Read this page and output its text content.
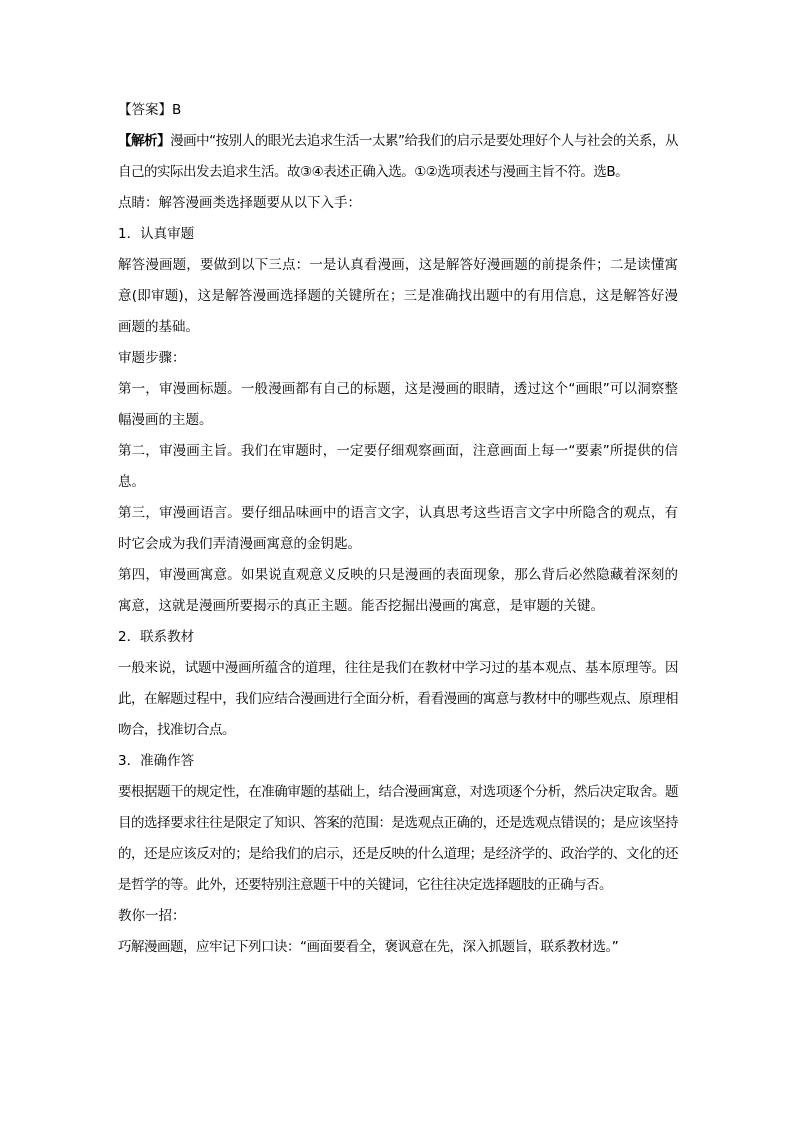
【答案】B
【解析】漫画中“按别人的眼光去追求生活一太累”给我们的启示是要处理好个人与社会的关系，从自己的实际出发去追求生活。故③④表述正确入选。①②选项表述与漫画主旨不符。选B。
点睛：解答漫画类选择题要从以下入手：
1．认真审题
解答漫画题，要做到以下三点：一是认真看漫画，这是解答好漫画题的前提条件；二是读懂寓意(即审题)，这是解答漫画选择题的关键所在；三是准确找出题中的有用信息，这是解答好漫画题的基础。
审题步骤：
第一，审漫画标题。一般漫画都有自己的标题，这是漫画的眼睛，透过这个“画眼”可以洞察整幅漫画的主题。
第二，审漫画主旨。我们在审题时，一定要仔细观察画面，注意画面上每一“要素”所提供的信息。
第三，审漫画语言。要仔细品味画中的语言文字，认真思考这些语言文字中所隐含的观点，有时它会成为我们弄清漫画寓意的金钥匙。
第四，审漫画寓意。如果说直观意义反映的只是漫画的表面现象，那么背后必然隐藏着深刻的寓意，这就是漫画所要揭示的真正主题。能否挖掘出漫画的寓意，是审题的关键。
2．联系教材
一般来说，试题中漫画所蕴含的道理，往往是我们在教材中学习过的基本观点、基本原理等。因此，在解题过程中，我们应结合漫画进行全面分析，看看漫画的寓意与教材中的哪些观点、原理相吻合，找准切合点。
3．准确作答
要根据题干的规定性，在准确审题的基础上，结合漫画寓意，对选项逐个分析，然后决定取舍。题目的选择要求往往是限定了知识、答案的范围：是选观点正确的，还是选观点错误的；是应该坚持的，还是应该反对的；是给我们的启示，还是反映的什么道理；是经济学的、政治学的、文化的还是哲学的等。此外，还要特别注意题干中的关键词，它往往决定选择题肢的正确与否。
教你一招：
巧解漫画题，应牢记下列口诀：“画面要看全，褒讽意在先，深入抓题旨，联系教材选。”
